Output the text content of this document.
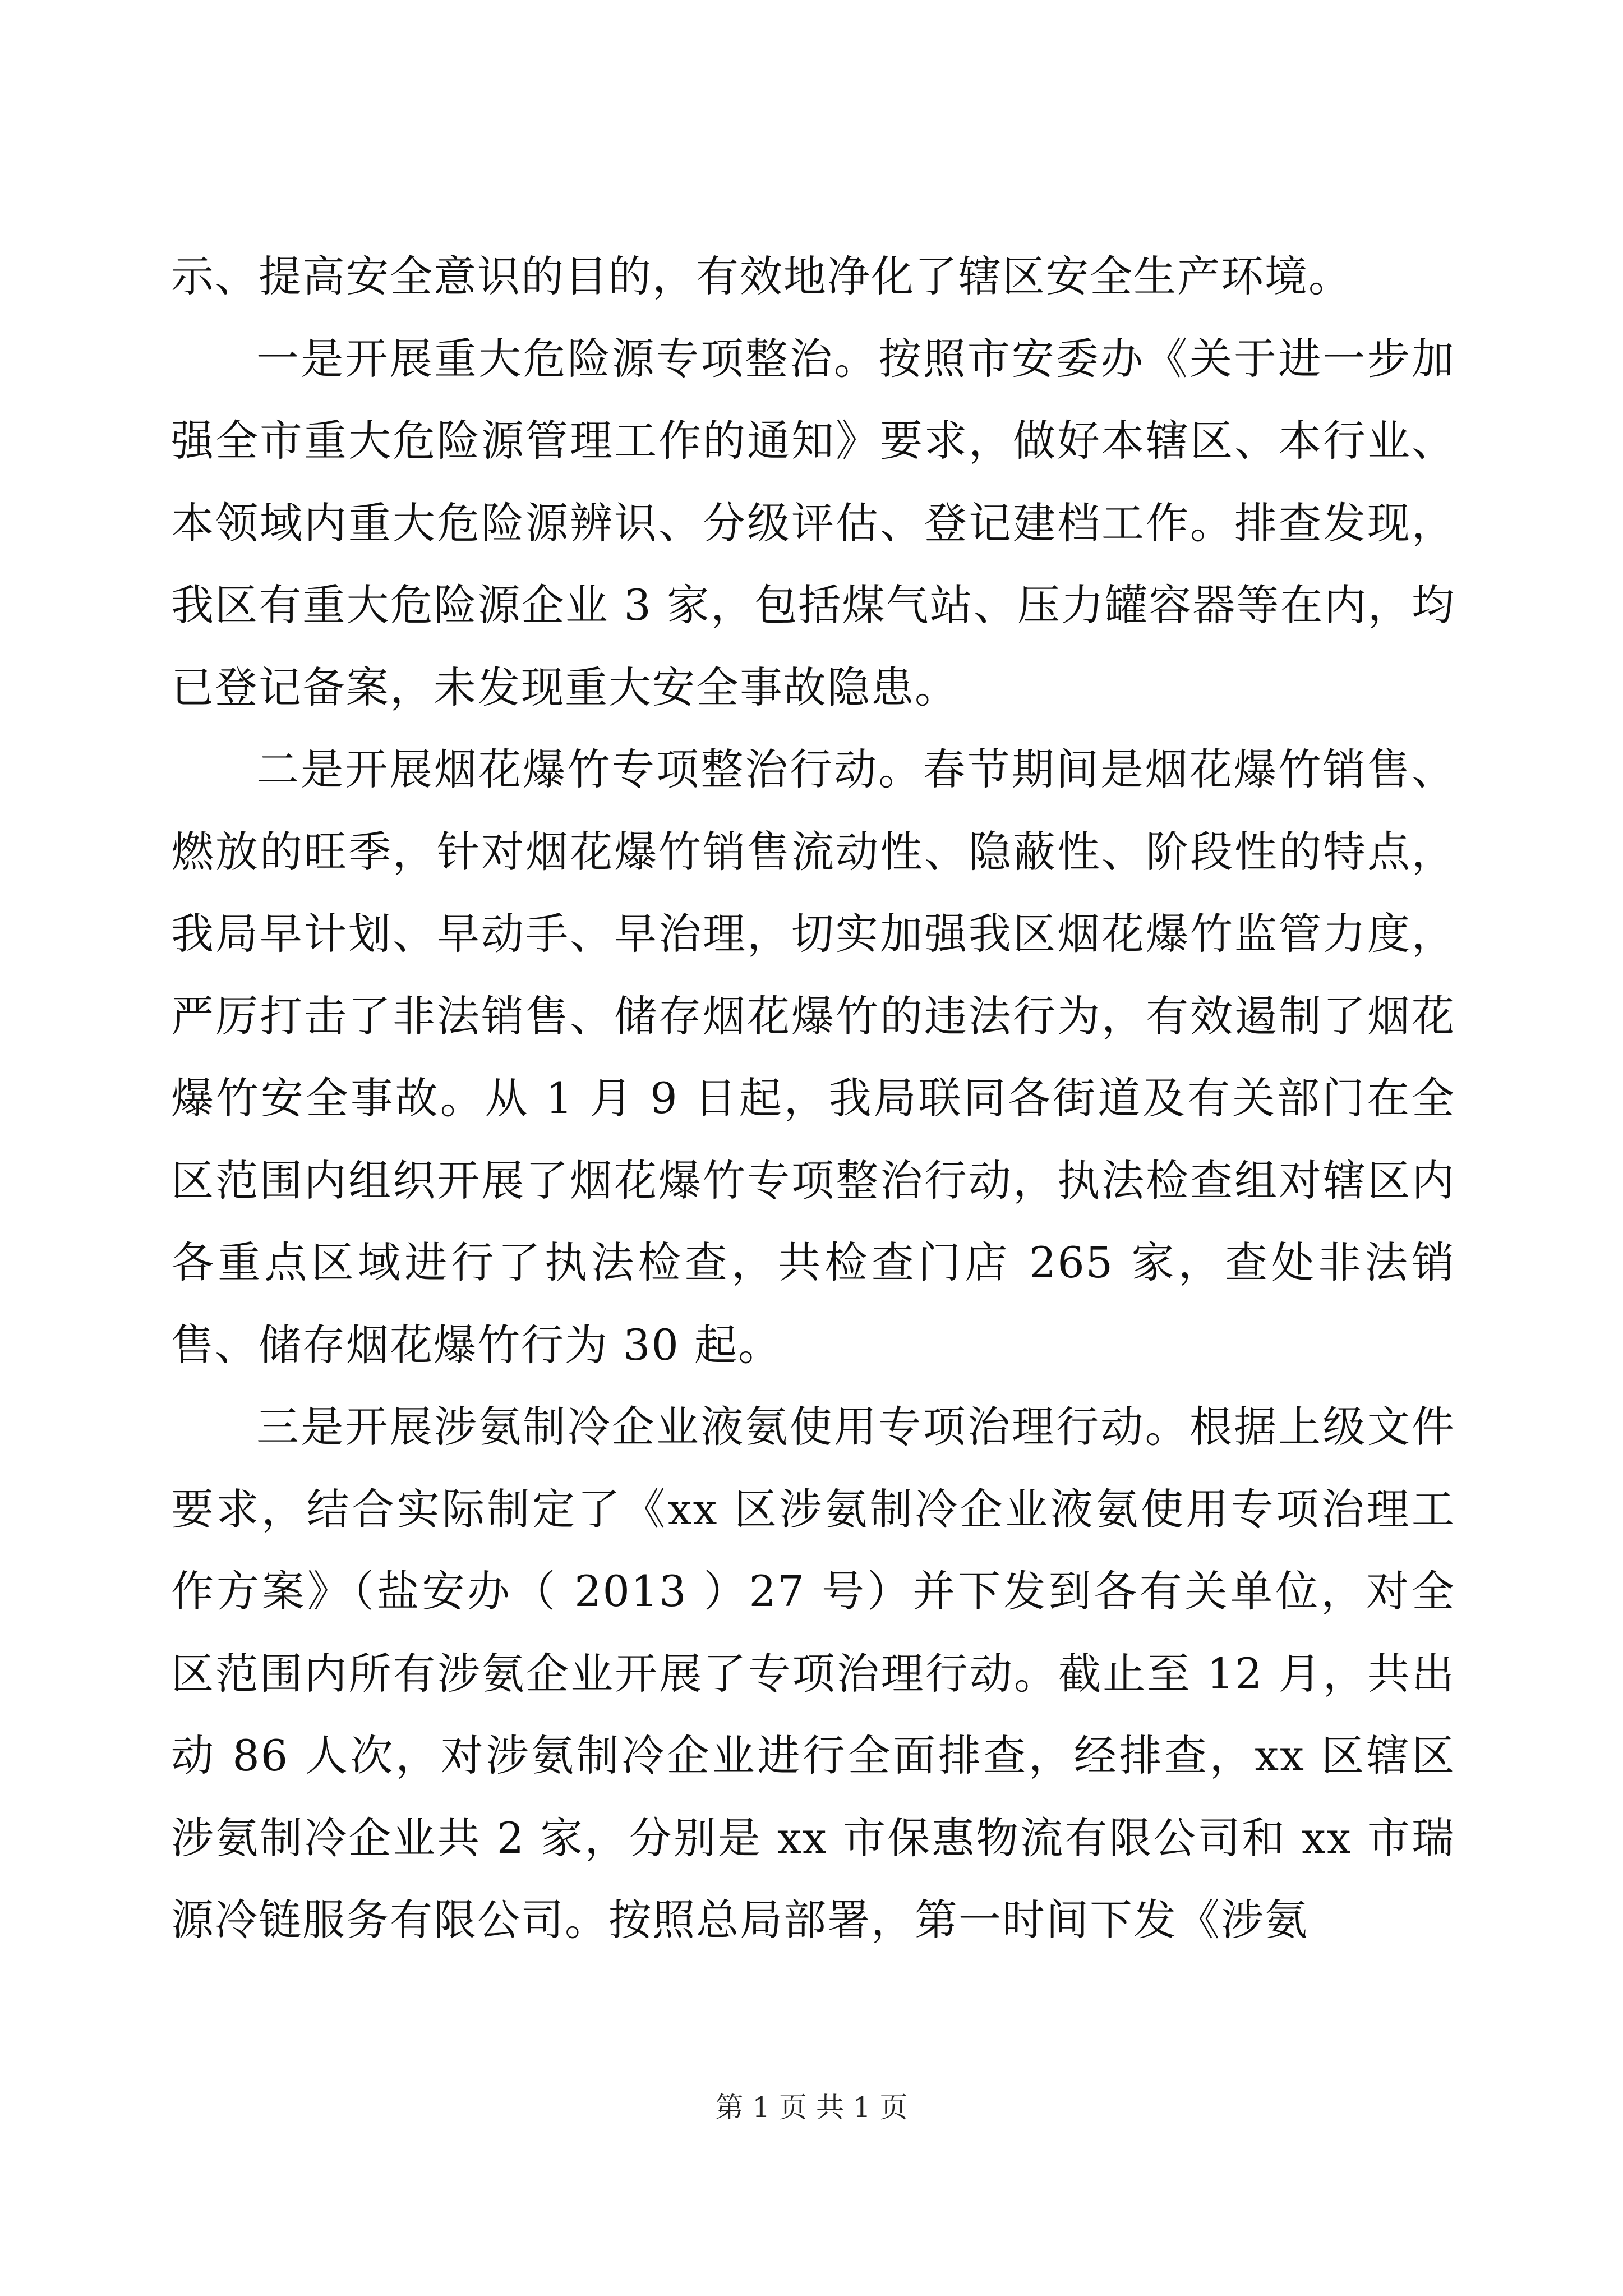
示、提高安全意识的目的，有效地净化了辖区安全生产环境。

一是开展重大危险源专项整治。按照市安委办《关于进一步加强全市重大危险源管理工作的通知》要求，做好本辖区、本行业、本领域内重大危险源辨识、分级评估、登记建档工作。排查发现，我区有重大危险源企业 3 家，包括煤气站、压力罐容器等在内，均已登记备案，未发现重大安全事故隐患。

二是开展烟花爆竹专项整治行动。春节期间是烟花爆竹销售、燃放的旺季，针对烟花爆竹销售流动性、隐蔽性、阶段性的特点，我局早计划、早动手、早治理，切实加强我区烟花爆竹监管力度，严厉打击了非法销售、储存烟花爆竹的违法行为，有效遏制了烟花爆竹安全事故。从 1 月 9 日起，我局联同各街道及有关部门在全区范围内组织开展了烟花爆竹专项整治行动，执法检查组对辖区内各重点区域进行了执法检查，共检查门店 265 家，查处非法销售、储存烟花爆竹行为 30 起。

三是开展涉氨制冷企业液氨使用专项治理行动。根据上级文件要求，结合实际制定了《xx 区涉氨制冷企业液氨使用专项治理工作方案》（盐安办（ 2013 ）27 号）并下发到各有关单位，对全区范围内所有涉氨企业开展了专项治理行动。截止至 12 月，共出动 86 人次，对涉氨制冷企业进行全面排查，经排查，xx 区辖区涉氨制冷企业共 2 家，分别是 xx 市保惠物流有限公司和 xx 市瑞源冷链服务有限公司。按照总局部署，第一时间下发《涉氨

第 1 页 共 1 页
